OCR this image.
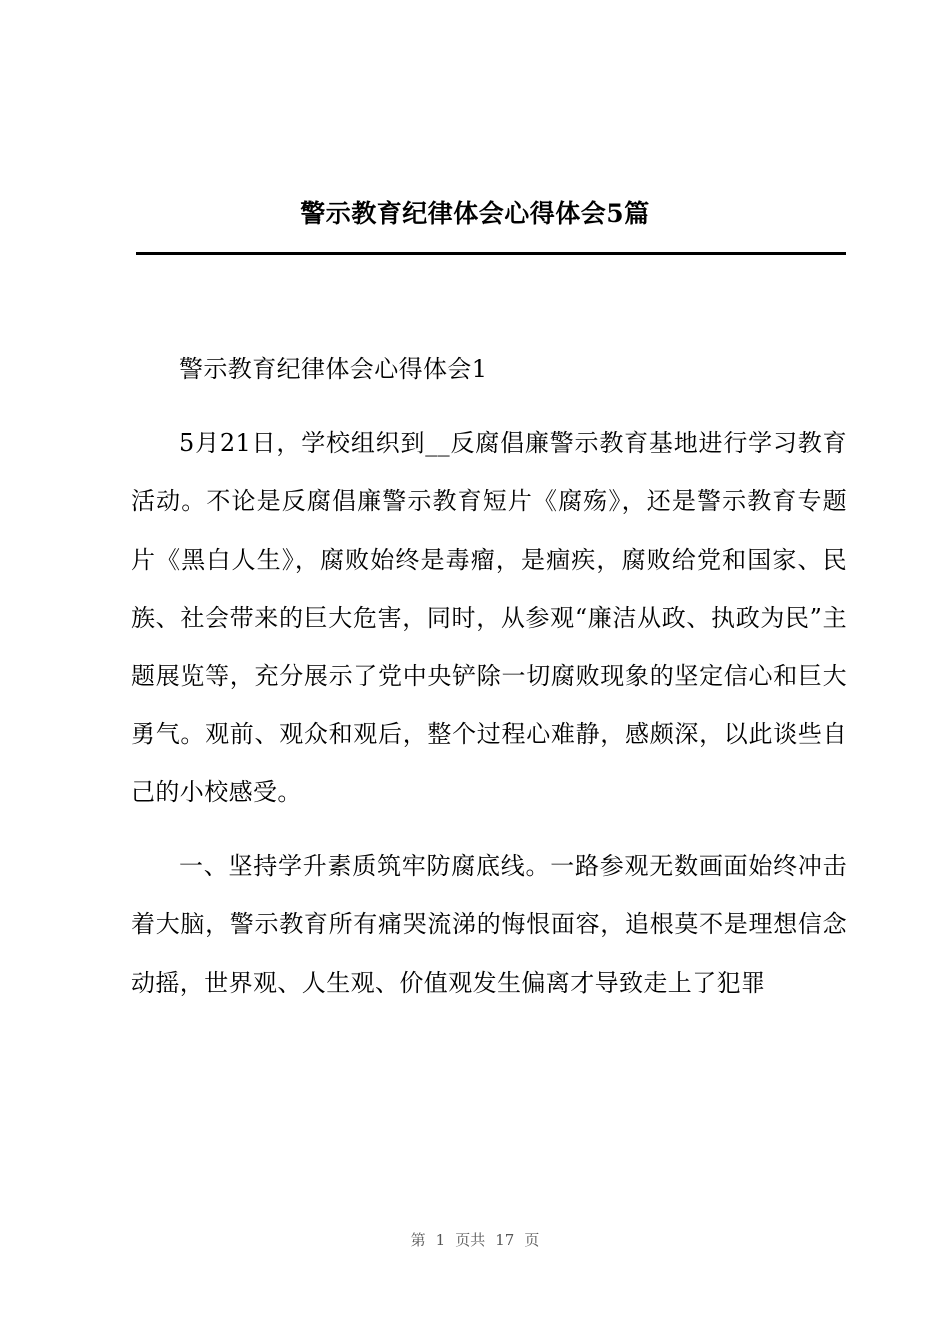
警示教育纪律体会心得体会5篇

警示教育纪律体会心得体会1

5月21日，学校组织到__反腐倡廉警示教育基地进行学习教育活动。不论是反腐倡廉警示教育短片《腐殇》，还是警示教育专题片《黑白人生》，腐败始终是毒瘤，是痼疾，腐败给党和国家、民族、社会带来的巨大危害，同时，从参观“廉洁从政、执政为民”主题展览等，充分展示了党中央铲除一切腐败现象的坚定信心和巨大勇气。观前、观众和观后，整个过程心难静，感颇深，以此谈些自己的小校感受。

一、坚持学升素质筑牢防腐底线。一路参观无数画面始终冲击着大脑，警示教育所有痛哭流涕的悔恨面容，追根莫不是理想信念动摇，世界观、人生观、价值观发生偏离才导致走上了犯罪

第 1 页共 17 页
